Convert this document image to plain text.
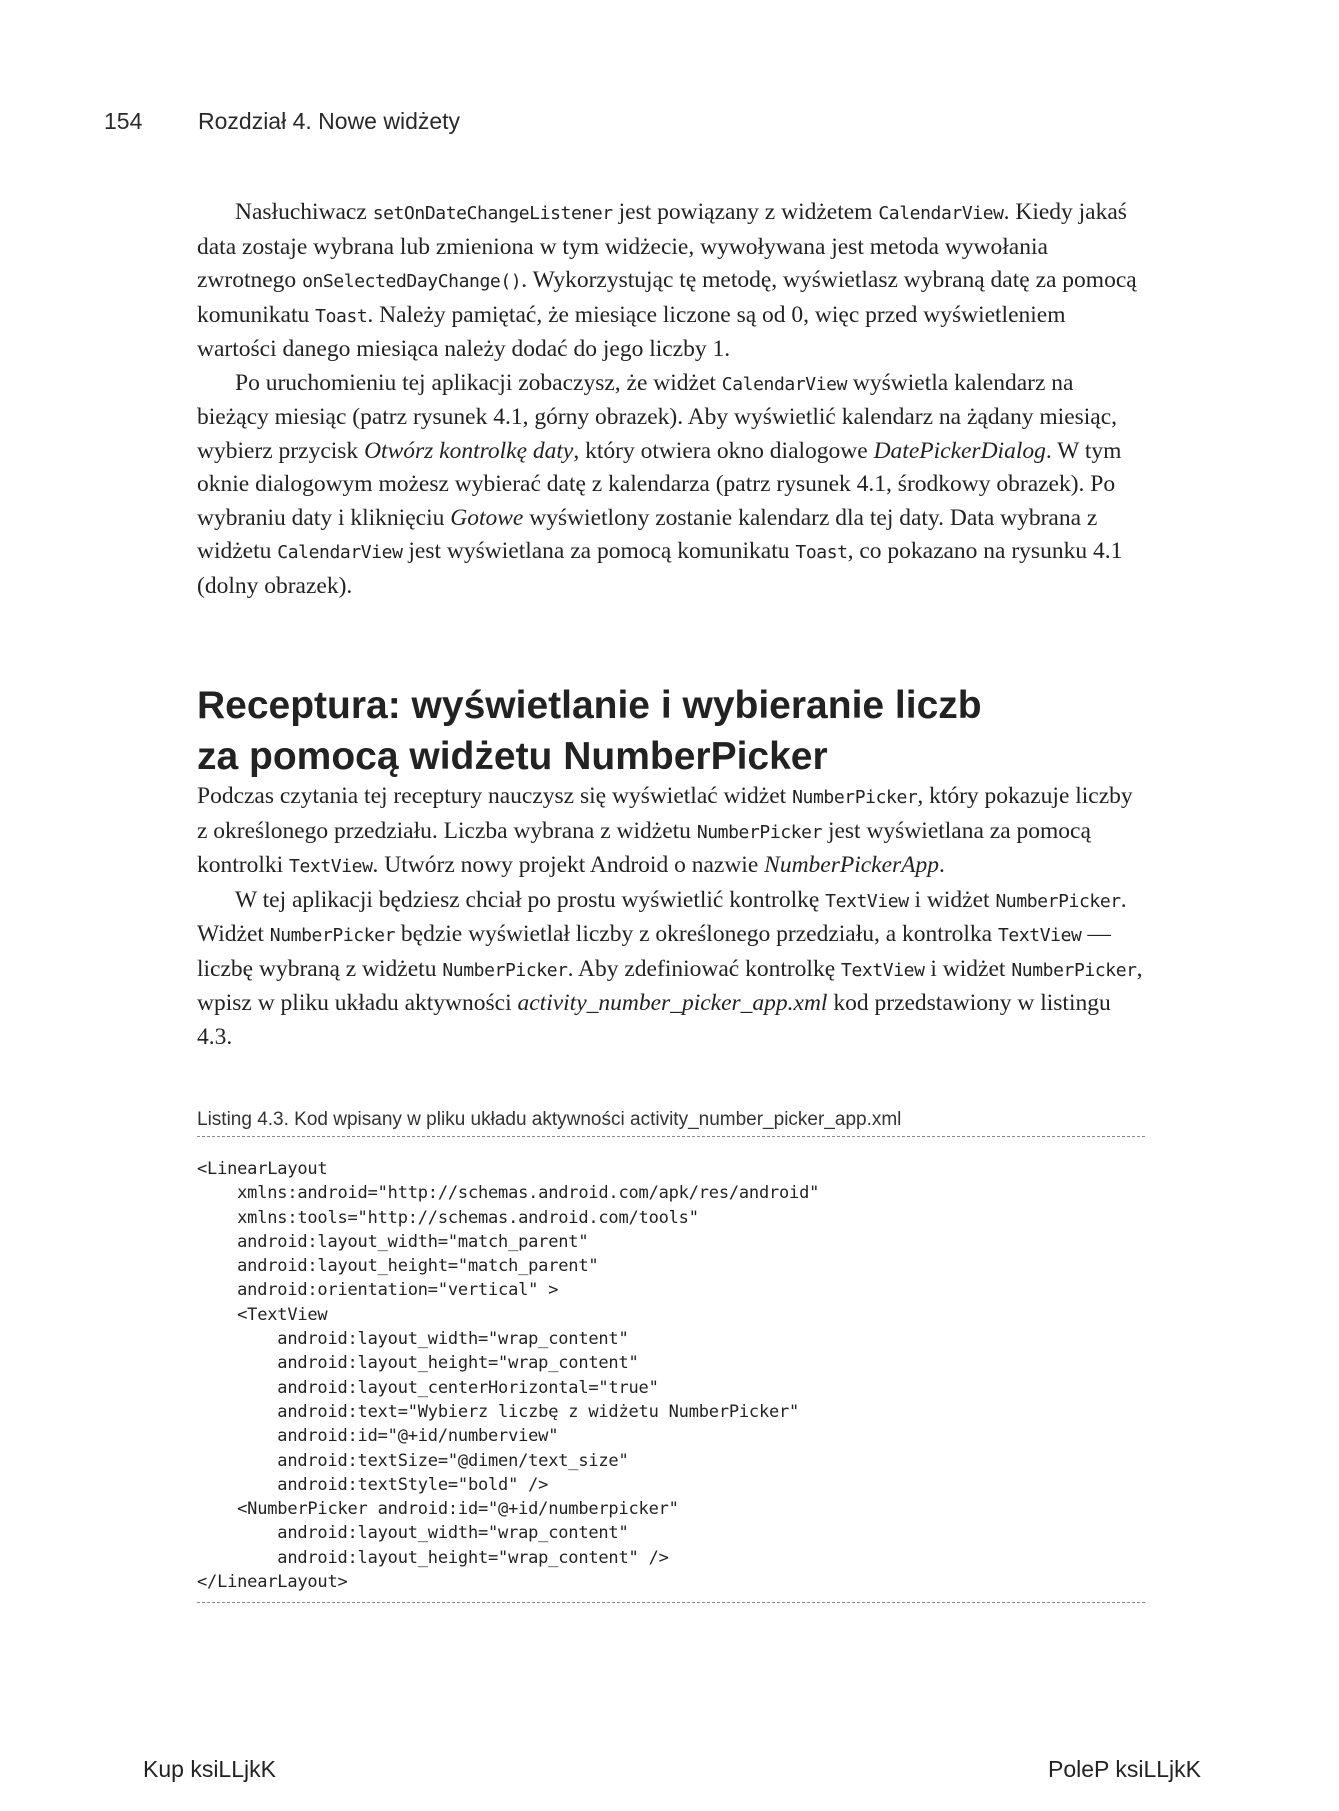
154 Rozdział 4. Nowe widżety

Nasłuchiwacz setOnDateChangeListener jest powiązany z widżetem CalendarView. Kiedy jakaś data zostaje wybrana lub zmieniona w tym widżecie, wywoływana jest metoda wywołania zwrotnego onSelectedDayChange(). Wykorzystując tę metodę, wyświetlasz wybraną datę za pomocą komunikatu Toast. Należy pamiętać, że miesiące liczone są od 0, więc przed wyświetleniem wartości danego miesiąca należy dodać do jego liczby 1.

Po uruchomieniu tej aplikacji zobaczysz, że widżet CalendarView wyświetla kalendarz na bieżący miesiąc (patrz rysunek 4.1, górny obrazek). Aby wyświetlić kalendarz na żądany miesiąc, wybierz przycisk Otwórz kontrolkę daty, który otwiera okno dialogowe DatePickerDialog. W tym oknie dialogowym możesz wybierać datę z kalendarza (patrz rysunek 4.1, środkowy obrazek). Po wybraniu daty i kliknięciu Gotowe wyświetlony zostanie kalendarz dla tej daty. Data wybrana z widżetu CalendarView jest wyświetlana za pomocą komunikatu Toast, co pokazano na rysunku 4.1 (dolny obrazek).

Receptura: wyświetlanie i wybieranie liczb
za pomocą widżetu NumberPicker

Podczas czytania tej receptury nauczysz się wyświetlać widżet NumberPicker, który pokazuje liczby z określonego przedziału. Liczba wybrana z widżetu NumberPicker jest wyświetlana za pomocą kontrolki TextView. Utwórz nowy projekt Android o nazwie NumberPickerApp.

W tej aplikacji będziesz chciał po prostu wyświetlić kontrolkę TextView i widżet NumberPicker. Widżet NumberPicker będzie wyświetlał liczby z określonego przedziału, a kontrolka TextView — liczbę wybraną z widżetu NumberPicker. Aby zdefiniować kontrolkę TextView i widżet NumberPicker, wpisz w pliku układu aktywności activity_number_picker_app.xml kod przedstawiony w listingu 4.3.

Listing 4.3. Kod wpisany w pliku układu aktywności activity_number_picker_app.xml
<LinearLayout
xmlns:android="http://schemas.android.com/apk/res/android"
xmlns:tools="http://schemas.android.com/tools"
android:layout_width="match_parent"
android:layout_height="match_parent"
android:orientation="vertical" >
<TextView
android:layout_width="wrap_content"
android:layout_height="wrap_content"
android:layout_centerHorizontal="true"
android:text="Wybierz liczbę z widżetu NumberPicker"
android:id="@+id/numberview"
android:textSize="@dimen/text_size"
android:textStyle="bold" />
<NumberPicker android:id="@+id/numberpicker"
android:layout_width="wrap_content"
android:layout_height="wrap_content" />
</LinearLayout>
Kup ksiLLjkK	PoleP ksiLLjkK
